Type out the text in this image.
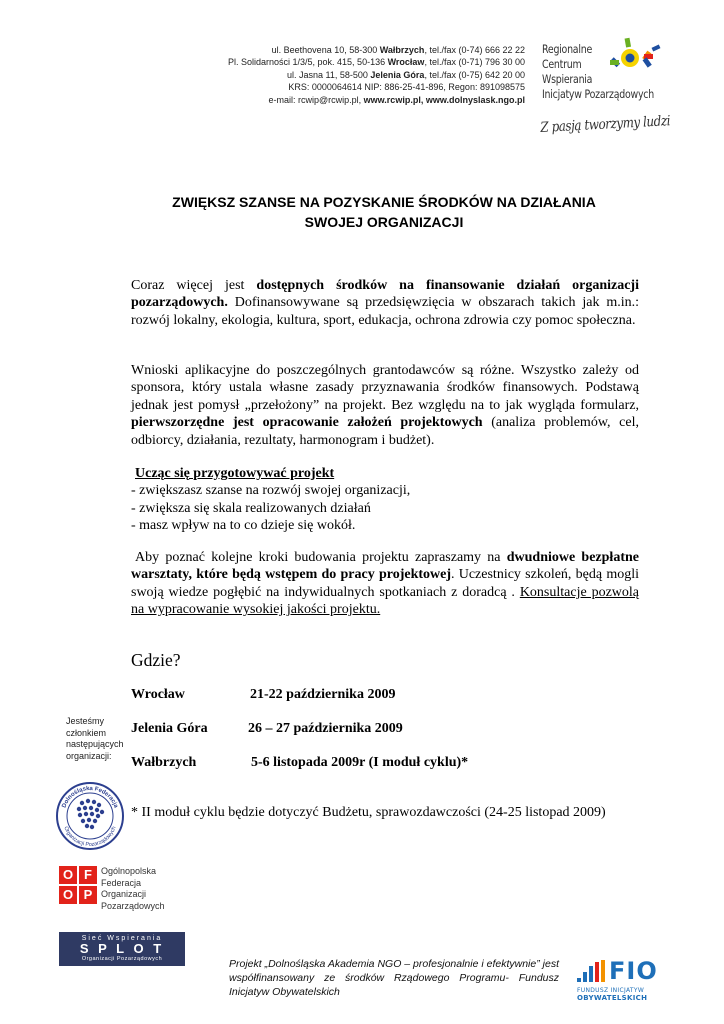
ul. Beethovena 10, 58-300 Wałbrzych, tel./fax (0-74) 666 22 22
Pl. Solidarności 1/3/5, pok. 415, 50-136 Wrocław, tel./fax (0-71) 796 30 00
ul. Jasna 11, 58-500 Jelenia Góra, tel./fax (0-75) 642 20 00
KRS: 0000064614 NIP: 886-25-41-896, Regon: 891098575
e-mail: rcwip@rcwip.pl, www.rcwip.pl, www.dolnyslask.ngo.pl
Regionalne
Centrum
Wspierania
Inicjatyw Pozarządowych
Z pasją tworzymy ludzi
ZWIĘKSZ SZANSE NA POZYSKANIE ŚRODKÓW NA DZIAŁANIA
SWOJEJ ORGANIZACJI
Coraz więcej jest dostępnych środków na finansowanie działań organizacji pozarządowych. Dofinansowywane są przedsięwzięcia w obszarach takich jak m.in.: rozwój lokalny, ekologia, kultura, sport, edukacja, ochrona zdrowia czy pomoc społeczna.
Wnioski aplikacyjne do poszczególnych grantodawców są różne. Wszystko zależy od sponsora, który ustala własne zasady przyznawania środków finansowych. Podstawą jednak jest pomysł „przełożony” na projekt. Bez względu na to jak wygląda formularz, pierwszorzędne jest opracowanie założeń projektowych (analiza problemów, cel, odbiorcy, działania, rezultaty, harmonogram i budżet).
Ucząc się przygotowywać projekt
- zwiększasz szanse na rozwój swojej organizacji,
- zwiększa się skala realizowanych działań
- masz wpływ na to co dzieje się wokół.
Aby poznać kolejne kroki budowania projektu zapraszamy na dwudniowe bezpłatne warsztaty, które będą wstępem do pracy projektowej. Uczestnicy szkoleń, będą mogli swoją wiedze pogłębić na indywidualnych spotkaniach z doradcą . Konsultacje pozwolą na wypracowanie wysokiej jakości projektu.
Gdzie?
Wrocław	21-22 października 2009
Jelenia Góra	26 – 27 października 2009
Wałbrzych	5-6 listopada 2009r (I moduł cyklu)*
* II moduł cyklu będzie dotyczyć Budżetu, sprawozdawczości (24-25 listopad 2009)
Jesteśmy
członkiem
następujących
organizacji:
Dolnośląska Federacja
Organizacji Pozarządowych
O F
O P
Ogólnopolska
Federacja
Organizacji
Pozarządowych
Sieć Wspierania
S P L O T
Organizacji Pozarządowych	Projekt „Dolnośląska Akademia NGO – profesjonalnie i efektywnie” jest współfinansowany ze środków Rządowego Programu- Fundusz Inicjatyw Obywatelskich
FIO
FUNDUSZ INICJATYW
OBYWATELSKICH
